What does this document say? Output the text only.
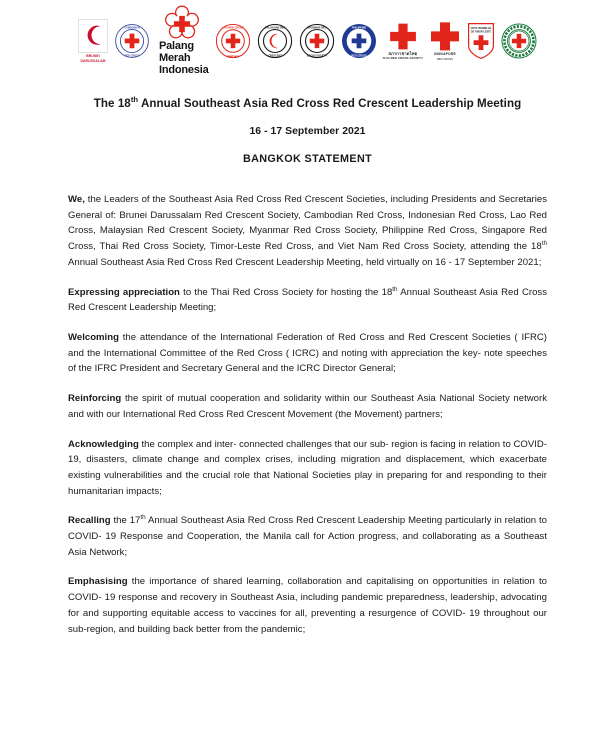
BRUNEI
DARUSSALAM
CAMBODIAN
RED CROSS
Palang
Merah
Indonesia
LAO RED CROSS
ກາແດງລາວ
MALAYSIAN RED
CRESCENT
MYANMAR RED
CROSS SOCIETY
PHILIPPINE
RED CROSS
สภากาชาดไทย
THAI RED CROSS SOCIETY
SINGAPORE
RED CROSS
CRUZ VERMELHA
DE TIMOR-LESTE
The 18th Annual Southeast Asia Red Cross Red Crescent Leadership Meeting
16 - 17 September 2021
BANGKOK STATEMENT

We, the Leaders of the Southeast Asia Red Cross Red Crescent Societies, including Presidents and Secretaries General of: Brunei Darussalam Red Crescent Society, Cambodian Red Cross, Indonesian Red Cross, Lao Red Cross, Malaysian Red Crescent Society, Myanmar Red Cross Society, Philippine Red Cross, Singapore Red Cross, Thai Red Cross Society, Timor-Leste Red Cross, and Viet Nam Red Cross Society, attending the 18th Annual Southeast Asia Red Cross Red Crescent Leadership Meeting, held virtually on 16 - 17 September 2021;

Expressing appreciation to the Thai Red Cross Society for hosting the 18th Annual Southeast Asia Red Cross Red Crescent Leadership Meeting;

Welcoming the attendance of the International Federation of Red Cross and Red Crescent Societies ( IFRC) and the International Committee of the Red Cross ( ICRC) and noting with appreciation the key- note speeches of the IFRC President and Secretary General and the ICRC Director General;

Reinforcing the spirit of mutual cooperation and solidarity within our Southeast Asia National Society network and with our International Red Cross Red Crescent Movement (the Movement) partners;

Acknowledging the complex and inter- connected challenges that our sub- region is facing in relation to COVID- 19, disasters, climate change and complex crises, including migration and displacement, which exacerbate existing vulnerabilities and the crucial role that National Societies play in preparing for and responding to their humanitarian impacts;

Recalling the 17th Annual Southeast Asia Red Cross Red Crescent Leadership Meeting particularly in relation to COVID- 19 Response and Cooperation, the Manila call for Action progress, and collaborating as a Southeast Asia Network;

Emphasising the importance of shared learning, collaboration and capitalising on opportunities in relation to COVID- 19 response and recovery in Southeast Asia, including pandemic preparedness, leadership, advocating for and supporting equitable access to vaccines for all, preventing a resurgence of COVID- 19 throughout our sub-region, and building back better from the pandemic;
